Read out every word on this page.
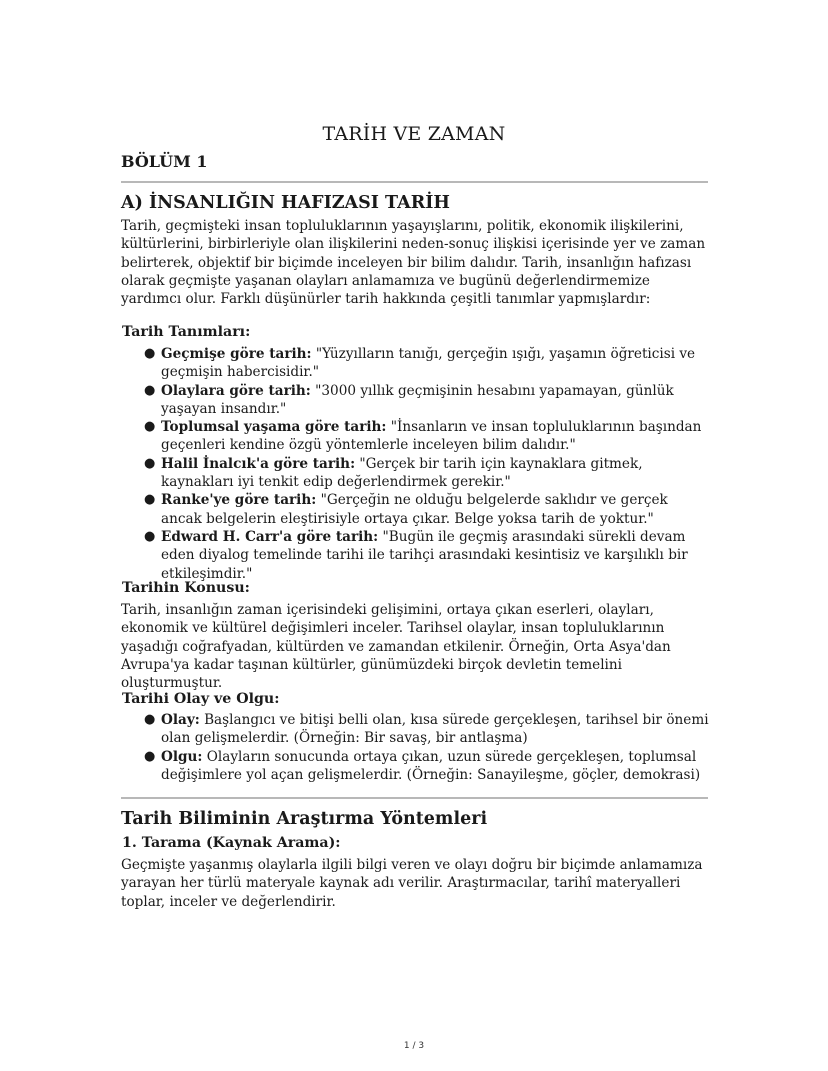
TARİH VE ZAMAN
BÖLÜM 1
A) İNSANLIĞIN HAFIZASI TARİH

Tarih, geçmişteki insan topluluklarının yaşayışlarını, politik, ekonomik ilişkilerini, kültürlerini, birbirleriyle olan ilişkilerini neden-sonuç ilişkisi içerisinde yer ve zaman belirterek, objektif bir biçimde inceleyen bir bilim dalıdır. Tarih, insanlığın hafızası olarak geçmişte yaşanan olayları anlamamıza ve bugünü değerlendirmemize yardımcı olur. Farklı düşünürler tarih hakkında çeşitli tanımlar yapmışlardır:

Tarih Tanımları:
● Geçmişe göre tarih: "Yüzyılların tanığı, gerçeğin ışığı, yaşamın öğreticisi ve geçmişin habercisidir."
● Olaylara göre tarih: "3000 yıllık geçmişinin hesabını yapamayan, günlük yaşayan insandır."
● Toplumsal yaşama göre tarih: "İnsanların ve insan topluluklarının başından geçenleri kendine özgü yöntemlerle inceleyen bilim dalıdır."
● Halil İnalcık'a göre tarih: "Gerçek bir tarih için kaynaklara gitmek, kaynakları iyi tenkit edip değerlendirmek gerekir."
● Ranke'ye göre tarih: "Gerçeğin ne olduğu belgelerde saklıdır ve gerçek ancak belgelerin eleştirisiyle ortaya çıkar. Belge yoksa tarih de yoktur."
● Edward H. Carr'a göre tarih: "Bugün ile geçmiş arasındaki sürekli devam eden diyalog temelinde tarihi ile tarihçi arasındaki kesintisiz ve karşılıklı bir etkileşimdir."
Tarihin Konusu:

Tarih, insanlığın zaman içerisindeki gelişimini, ortaya çıkan eserleri, olayları, ekonomik ve kültürel değişimleri inceler. Tarihsel olaylar, insan topluluklarının yaşadığı coğrafyadan, kültürden ve zamandan etkilenir. Örneğin, Orta Asya'dan Avrupa'ya kadar taşınan kültürler, günümüzdeki birçok devletin temelini oluşturmuştur.

Tarihi Olay ve Olgu:
● Olay: Başlangıcı ve bitişi belli olan, kısa sürede gerçekleşen, tarihsel bir önemi olan gelişmelerdir. (Örneğin: Bir savaş, bir antlaşma)
● Olgu: Olayların sonucunda ortaya çıkan, uzun sürede gerçekleşen, toplumsal değişimlere yol açan gelişmelerdir. (Örneğin: Sanayileşme, göçler, demokrasi)
Tarih Biliminin Araştırma Yöntemleri
1. Tarama (Kaynak Arama):

Geçmişte yaşanmış olaylarla ilgili bilgi veren ve olayı doğru bir biçimde anlamamıza yarayan her türlü materyale kaynak adı verilir. Araştırmacılar, tarihî materyalleri toplar, inceler ve değerlendirir.

1 / 3
